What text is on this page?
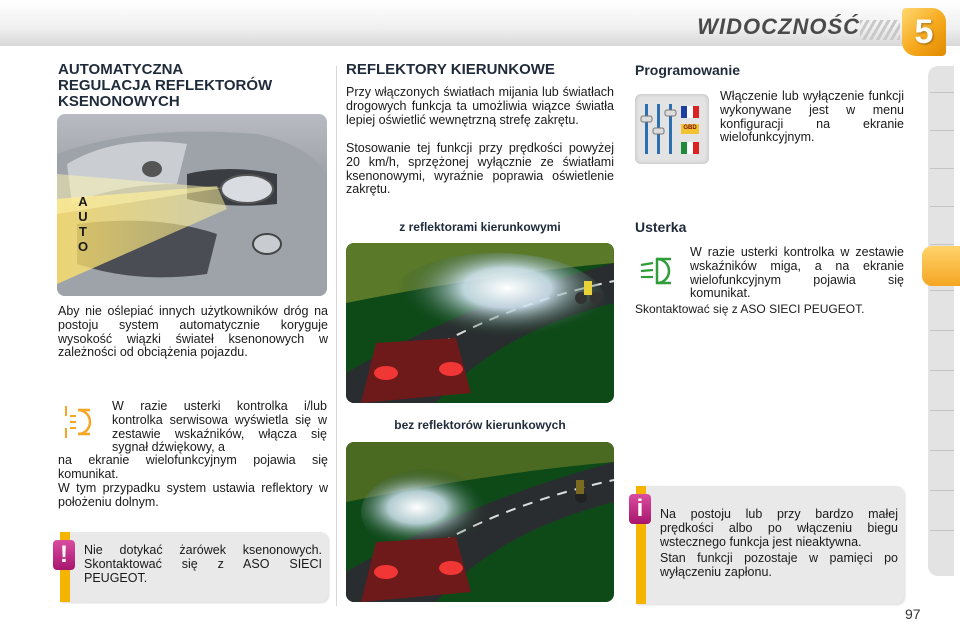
WIDOCZNOŚĆ	5
AUTOMATYCZNA
REGULACJA REFLEKTORÓW
KSENONOWYCH
AUTO
Aby nie oślepiać innych użytkowników dróg na postoju system automatycznie koryguje wysokość wiązki świateł ksenonowych w zależności od obciążenia pojazdu.
W razie usterki kontrolka i/lub kontrolka serwisowa wyświetla się w zestawie wskaźników, włącza się sygnał dźwiękowy, a
na ekranie wielofunkcyjnym pojawia się komunikat.
W tym przypadku system ustawia reflektory w położeniu dolnym.
Nie dotykać żarówek ksenonowych. Skontaktować się z ASO SIECI PEUGEOT.
!
REFLEKTORY KIERUNKOWE
Przy włączonych światłach mijania lub światłach drogowych funkcja ta umożliwia wiązce światła lepiej oświetlić wewnętrzną strefę zakrętu.
Stosowanie tej funkcji przy prędkości powyżej 20 km/h, sprzężonej wyłącznie ze światłami ksenonowymi, wyraźnie poprawia oświetlenie zakrętu.
z reflektorami kierunkowymi
bez reflektorów kierunkowych
Programowanie
GBD
Włączenie lub wyłączenie funkcji wykonywane jest w menu konfiguracji na ekranie wielofunkcyjnym.
Usterka
W razie usterki kontrolka w zestawie wskaźników miga, a na ekranie wielofunkcyjnym pojawia się komunikat.
Skontaktować się z ASO SIECI PEUGEOT.
Na postoju lub przy bardzo małej prędkości albo po włączeniu biegu wstecznego funkcja jest nieaktywna.
Stan funkcji pozostaje w pamięci po wyłączeniu zapłonu.
i
97
